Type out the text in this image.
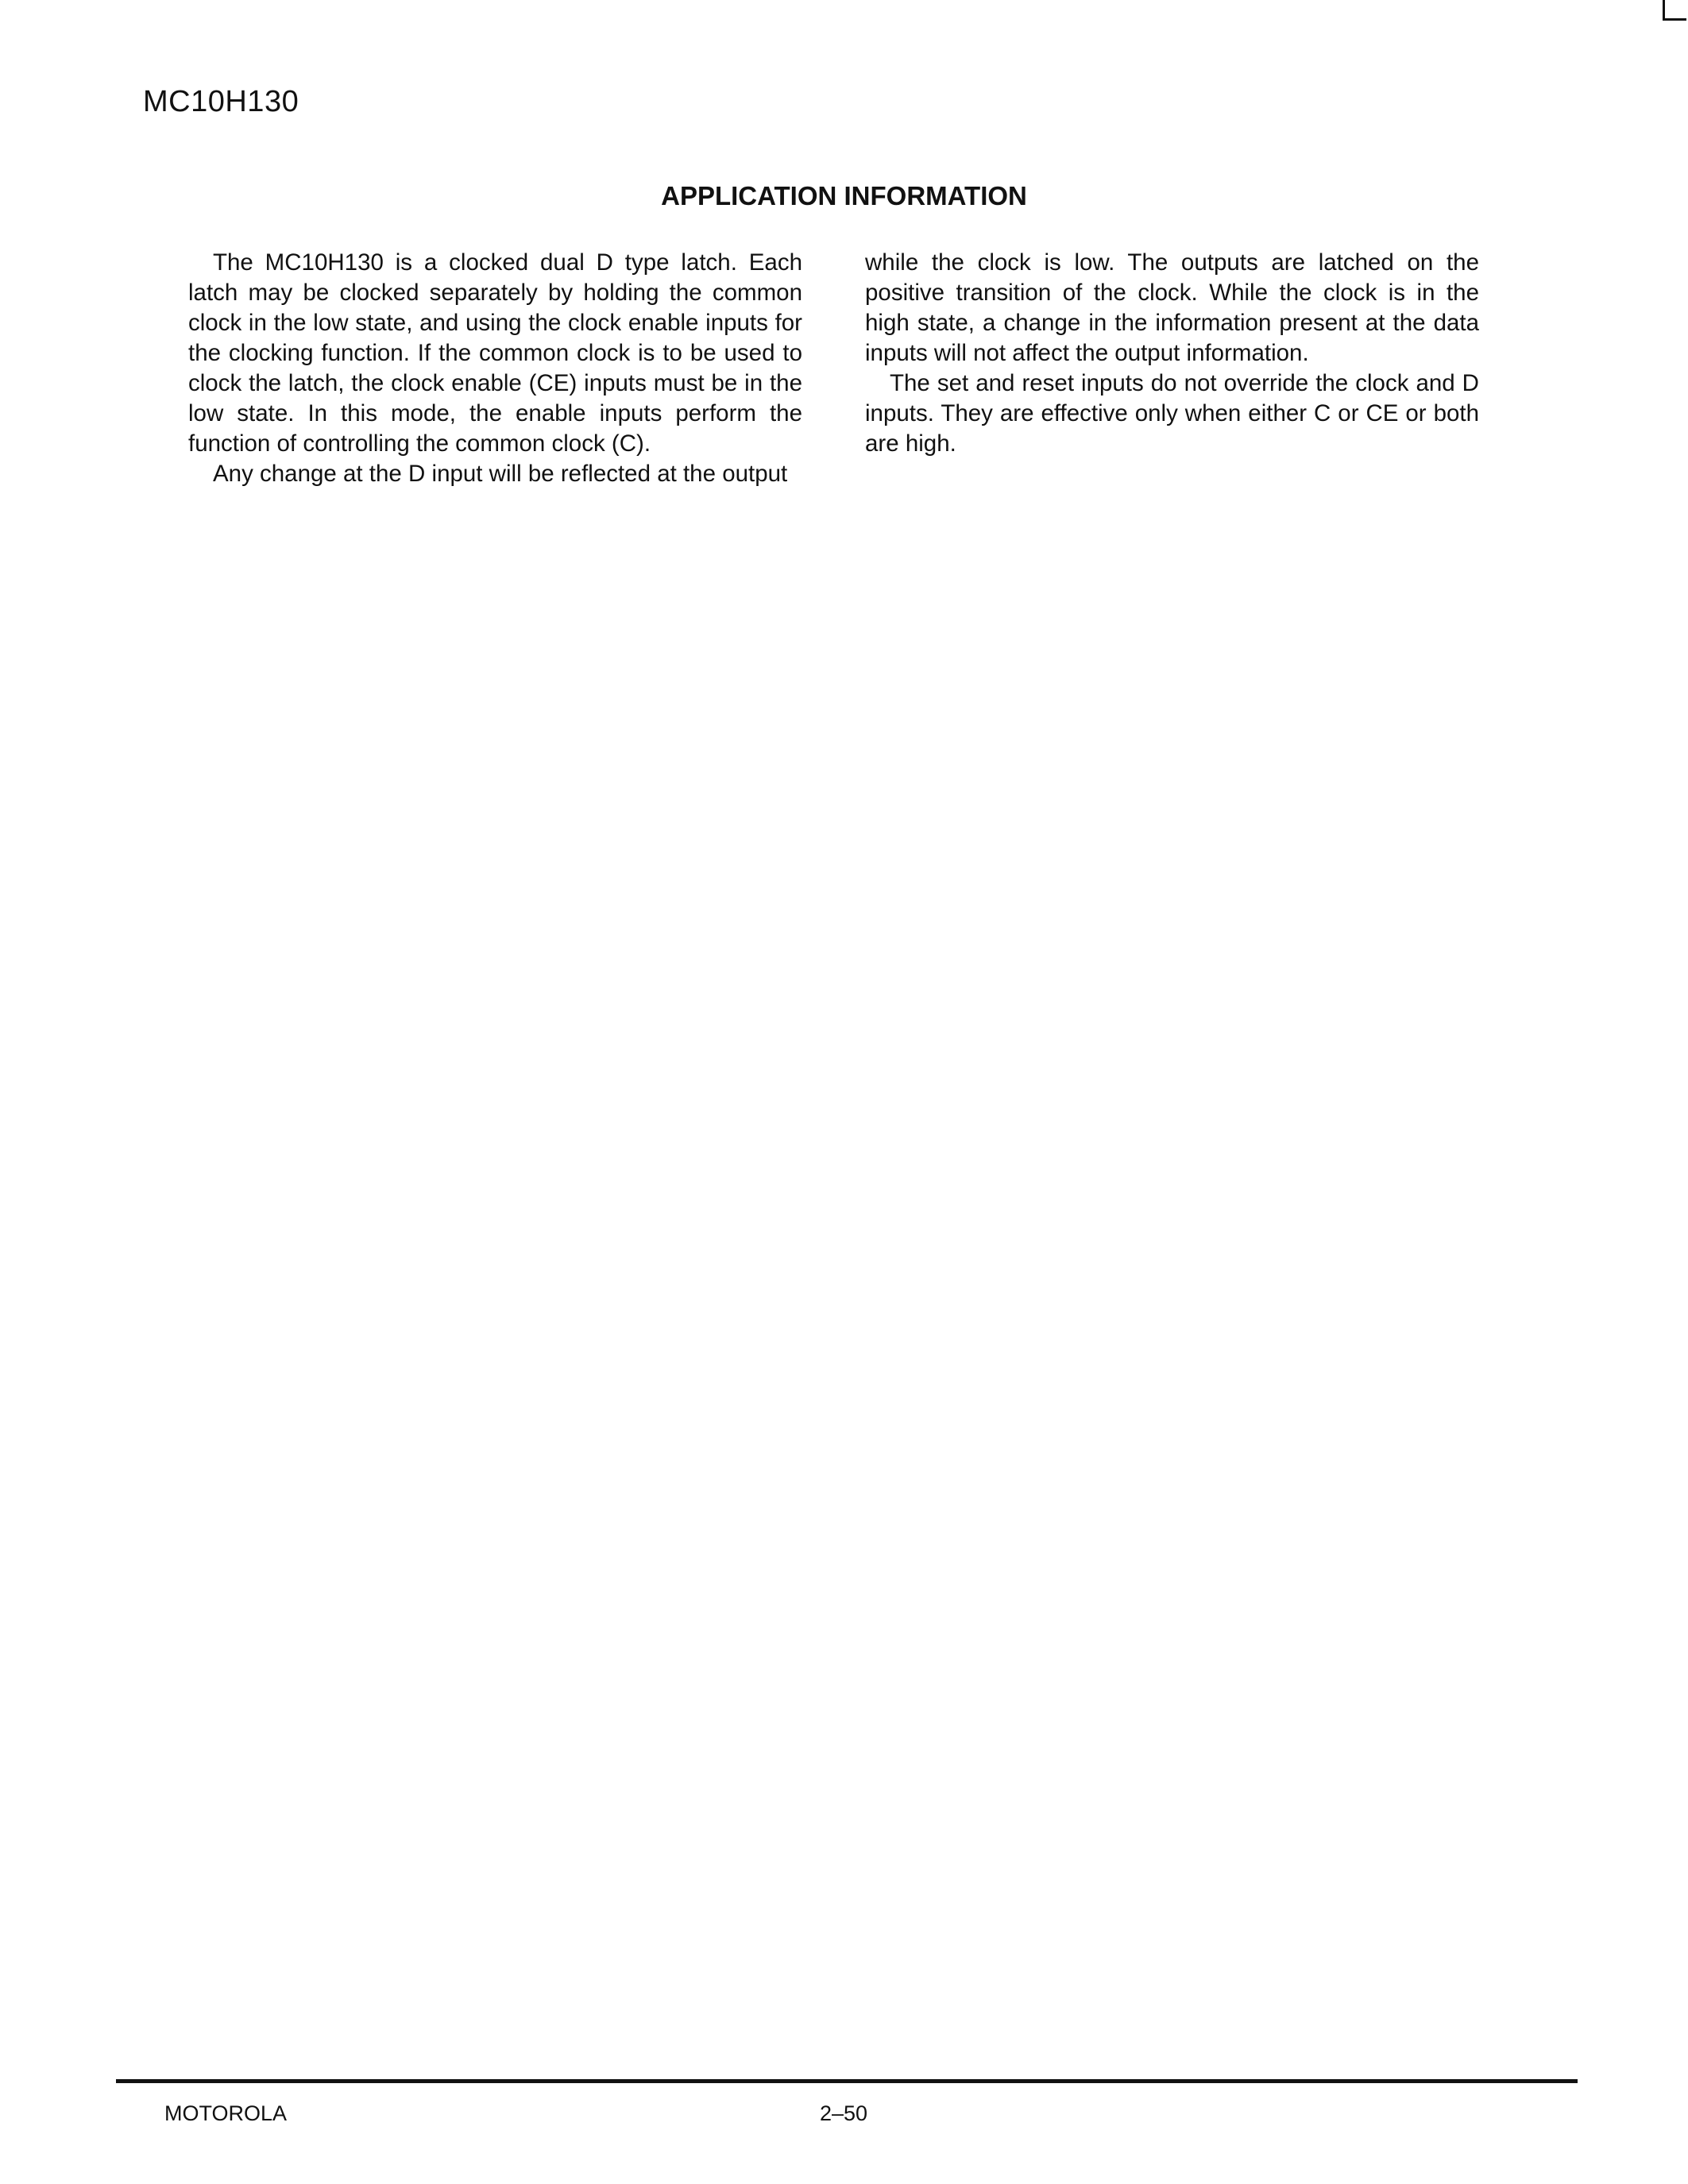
MC10H130
APPLICATION INFORMATION

The MC10H130 is a clocked dual D type latch. Each latch may be clocked separately by holding the common clock in the low state, and using the clock enable inputs for the clocking function. If the common clock is to be used to clock the latch, the clock enable (CE) inputs must be in the low state. In this mode, the enable inputs perform the function of controlling the common clock (C).

Any change at the D input will be reflected at the output

while the clock is low. The outputs are latched on the positive transition of the clock. While the clock is in the high state, a change in the information present at the data inputs will not affect the output information.

The set and reset inputs do not override the clock and D inputs. They are effective only when either C or CE or both are high.

MOTOROLA	2–50
